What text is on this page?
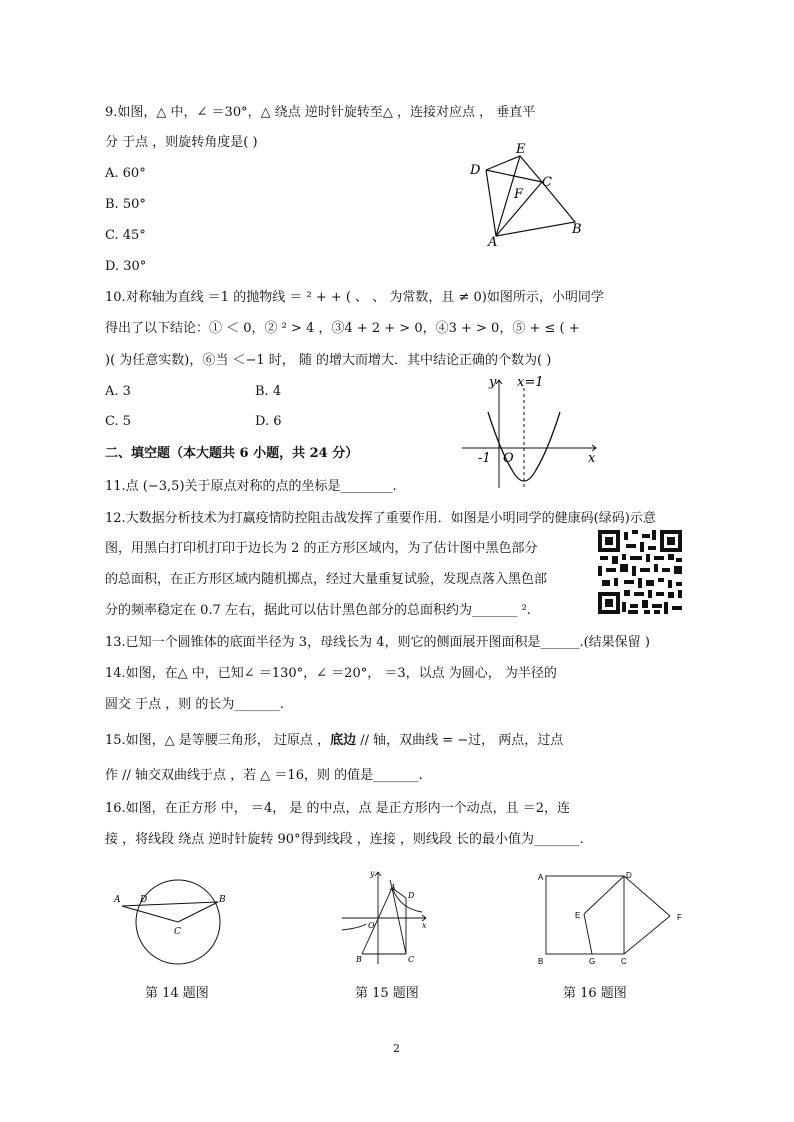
9.如图，△ 中，∠ ＝30°，△ 绕点 逆时针旋转至△ ，连接对应点 ， 垂直平
分 于点 ，则旋转角度是( )
A. 60°
B. 50°
C. 45°
D. 30°
D
E
F
C
A
B
10.对称轴为直线 ＝1 的抛物线 ＝ ² + + ( 、 、 为常数，且 ≠ 0)如图所示，小明同学
得出了以下结论：① ＜ 0，② ² > 4 ，③4 + 2 + > 0，④3 + > 0，⑤ + ≤ ( +
)( 为任意实数)，⑥当 ＜−1 时， 随 的增大而增大．其中结论正确的个数为( )
A. 3	B. 4
C. 5	D. 6
y x=1
-1 O	x
二、填空题（本大题共 6 小题，共 24 分）
11.点 (−3,5)关于原点对称的点的坐标是________.
12.大数据分析技术为打赢疫情防控阻击战发挥了重要作用．如图是小明同学的健康码(绿码)示意
图，用黑白打印机打印于边长为 2 的正方形区域内，为了估计图中黑色部分
的总面积，在正方形区域内随机掷点，经过大量重复试验，发现点落入黑色部
分的频率稳定在 0.7 左右，据此可以估计黑色部分的总面积约为_______ ².
13.已知一个圆锥体的底面半径为 3，母线长为 4，则它的侧面展开图面积是______.(结果保留 )
14.如图，在△ 中，已知∠ ＝130°，∠ ＝20°， ＝3，以点 为圆心， 为半径的
圆交 于点 ，则 的长为_______.
15.如图，△ 是等腰三角形， 过原点 ，底边 // 轴，双曲线 = −过， 两点，过点
作 // 轴交双曲线于点 ，若 △ ＝16，则 的值是_______.
16.如图，在正方形 中， ＝4， 是 的中点，点 是正方形内一个动点，且 ＝2，连
接 ，将线段 绕点 逆时针旋转 90°得到线段 ，连接 ，则线段 长的最小值为_______.
A D	B
C
y
A
D
O	x
B	C
A	D
E	F
B	G	C
第 14 题图	第 15 题图	第 16 题图
2
